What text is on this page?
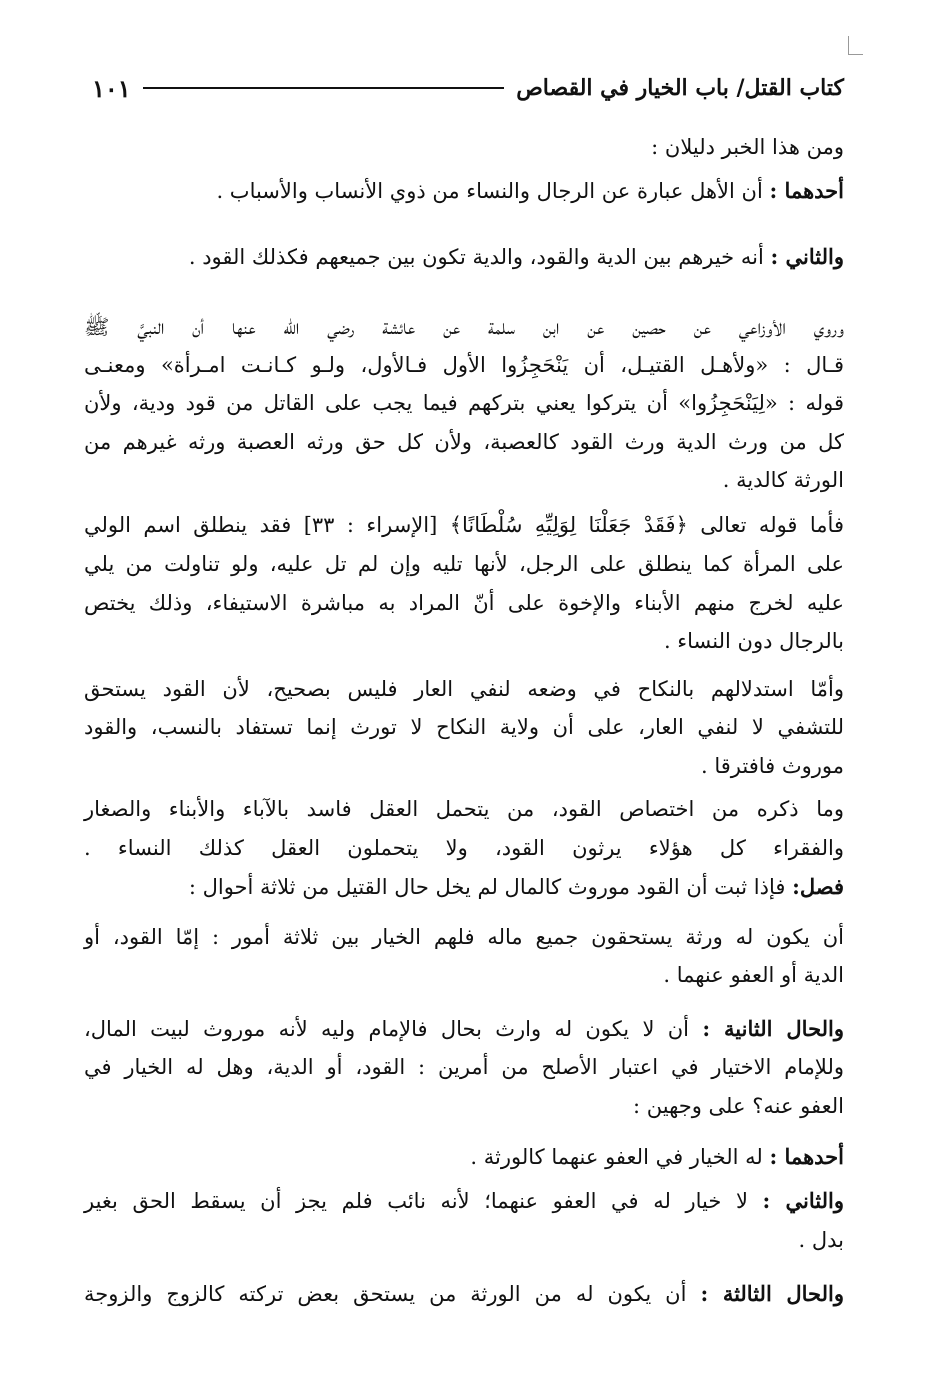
كتاب القتل/ باب الخيار في القصاص
١٠١
ومن هذا الخبر دليلان :
أحدهما : أن الأهل عبارة عن الرجال والنساء من ذوي الأنساب والأسباب .
والثاني : أنه خيرهم بين الدية والقود، والدية تكون بين جميعهم فكذلك القود .
وروي الأوزاعي عن حصين عن ابن سلمة عن عائشة رضي الله عنها أن النبيَّ ﷺ
قـال : «ولأهـل القتيـل، أن يَنْحَجِزُوا الأول فـالأول، ولـو كـانـت امـرأة» ومعنـى
قوله : «لِيَنْحَجِزُوا» أن يتركوا يعني بتركهم فيما يجب على القاتل من قود ودية، ولأن
كل من ورث الدية ورث القود كالعصبة، ولأن كل حق ورثه العصبة ورثه غيرهم من
الورثة كالدية .
فأما قوله تعالى ﴿فَقَدْ جَعَلْنَا لِوَلِيِّهِ سُلْطَانًا﴾ [الإسراء : ٣٣] فقد ينطلق اسم الولي
على المرأة كما ينطلق على الرجل، لأنها تليه وإن لم تل عليه، ولو تناولت من يلي
عليه لخرج منهم الأبناء والإخوة على أنّ المراد به مباشرة الاستيفاء، وذلك يختص
بالرجال دون النساء .
وأمّا استدلالهم بالنكاح في وضعه لنفي العار فليس بصحيح، لأن القود يستحق
للتشفي لا لنفي العار، على أن ولاية النكاح لا تورث إنما تستفاد بالنسب، والقود
موروث فافترقا .
وما ذكره من اختصاص القود، من يتحمل العقل فاسد بالآباء والأبناء والصغار
والفقراء كل هؤلاء يرثون القود، ولا يتحملون العقل كذلك النساء .
فصل: فإذا ثبت أن القود موروث كالمال لم يخل حال القتيل من ثلاثة أحوال :
أن يكون له ورثة يستحقون جميع ماله فلهم الخيار بين ثلاثة أمور : إمّا القود، أو
الدية أو العفو عنهما .
والحال الثانية : أن لا يكون له وارث بحال فالإمام وليه لأنه موروث لبيت المال،
وللإمام الاختيار في اعتبار الأصلح من أمرين : القود، أو الدية، وهل له الخيار في
العفو عنه؟ على وجهين :
أحدهما : له الخيار في العفو عنهما كالورثة .
والثاني : لا خيار له في العفو عنهما؛ لأنه نائب فلم يجز أن يسقط الحق بغير
بدل .
والحال الثالثة : أن يكون له من الورثة من يستحق بعض تركته كالزوج والزوجة
